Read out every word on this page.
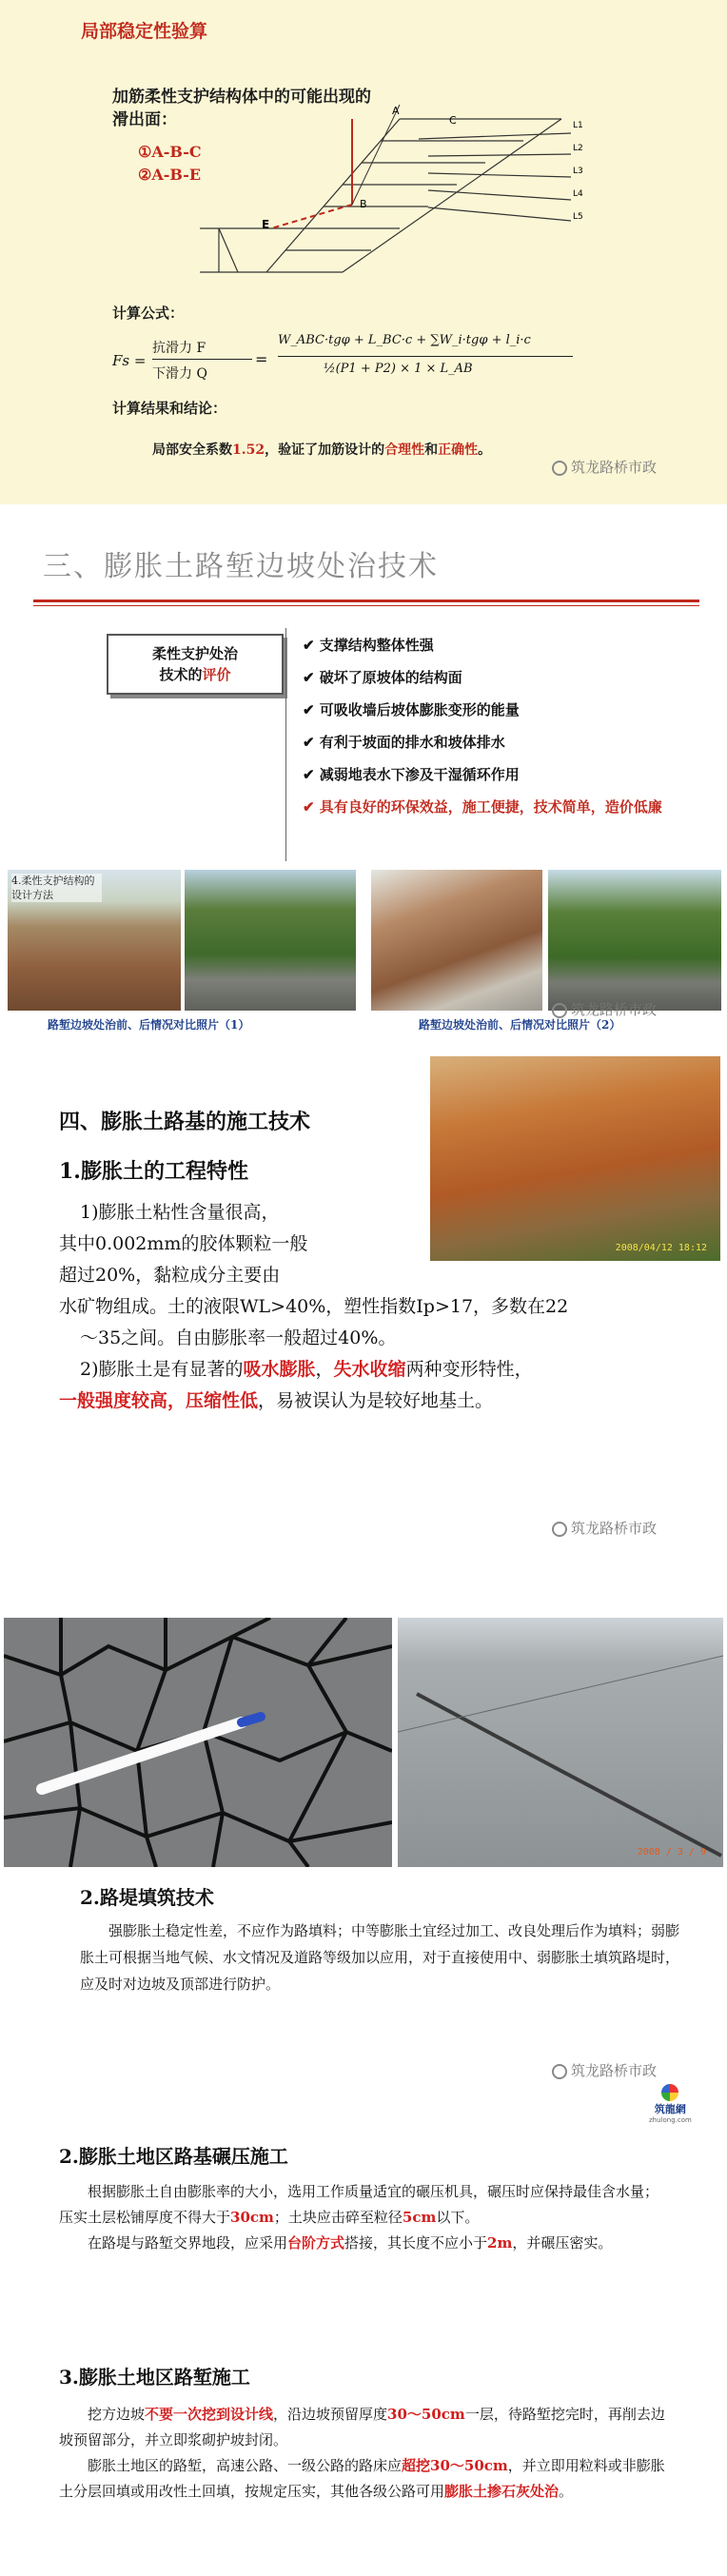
局部稳定性验算
加筋柔性支护结构体中的可能出现的滑出面：
①A-B-C
②A-B-E
A
B
C
E
L1
L2
L3
L4
L5
计算公式：
Fs =
抗滑力 F
下滑力 Q
=
W_ABC·tgφ + L_BC·c + ∑W_i·tgφ + l_i·c
½(P1 + P2) × 1 × L_AB
计算结果和结论：
局部安全系数1.52，验证了加筋设计的合理性和正确性。
筑龙路桥市政
三、膨胀土路堑边坡处治技术
柔性支护处治
技术的评价
✔ 支撑结构整体性强
✔ 破坏了原坡体的结构面
✔ 可吸收墙后坡体膨胀变形的能量
✔ 有利于坡面的排水和坡体排水
✔ 减弱地表水下渗及干湿循环作用
✔ 具有良好的环保效益，施工便捷，技术简单，造价低廉
4.柔性支护结构的设计方法
路堑边坡处治前、后情况对比照片（1）	路堑边坡处治前、后情况对比照片（2）
筑龙路桥市政
四、膨胀土路基的施工技术
2008/04/12 18:12
1.膨胀土的工程特性
1)膨胀土粘性含量很高，
其中0.002mm的胶体颗粒一般
超过20%，黏粒成分主要由
水矿物组成。土的液限WL>40%，塑性指数Ip>17，多数在22
～35之间。自由膨胀率一般超过40%。
2)膨胀土是有显著的吸水膨胀，失水收缩两种变形特性，
一般强度较高，压缩性低，易被误认为是较好地基土。
筑龙路桥市政
2008 / 3 / 9
2.路堤填筑技术
强膨胀土稳定性差，不应作为路填料；中等膨胀土宜经过加工、改良处理后作为填料；弱膨胀土可根据当地气候、水文情况及道路等级加以应用，对于直接使用中、弱膨胀土填筑路堤时，应及时对边坡及顶部进行防护。
筑龙路桥市政
筑龍網
zhulong.com
2.膨胀土地区路基碾压施工
根据膨胀土自由膨胀率的大小，选用工作质量适宜的碾压机具，碾压时应保持最佳含水量；压实土层松铺厚度不得大于30cm；土块应击碎至粒径5cm以下。
在路堤与路堑交界地段，应采用台阶方式搭接，其长度不应小于2m，并碾压密实。
3.膨胀土地区路堑施工
挖方边坡不要一次挖到设计线，沿边坡预留厚度30～50cm一层，待路堑挖完时，再削去边坡预留部分，并立即浆砌护坡封闭。
膨胀土地区的路堑，高速公路、一级公路的路床应超挖30～50cm，并立即用粒料或非膨胀土分层回填或用改性土回填，按规定压实，其他各级公路可用膨胀土掺石灰处治。
